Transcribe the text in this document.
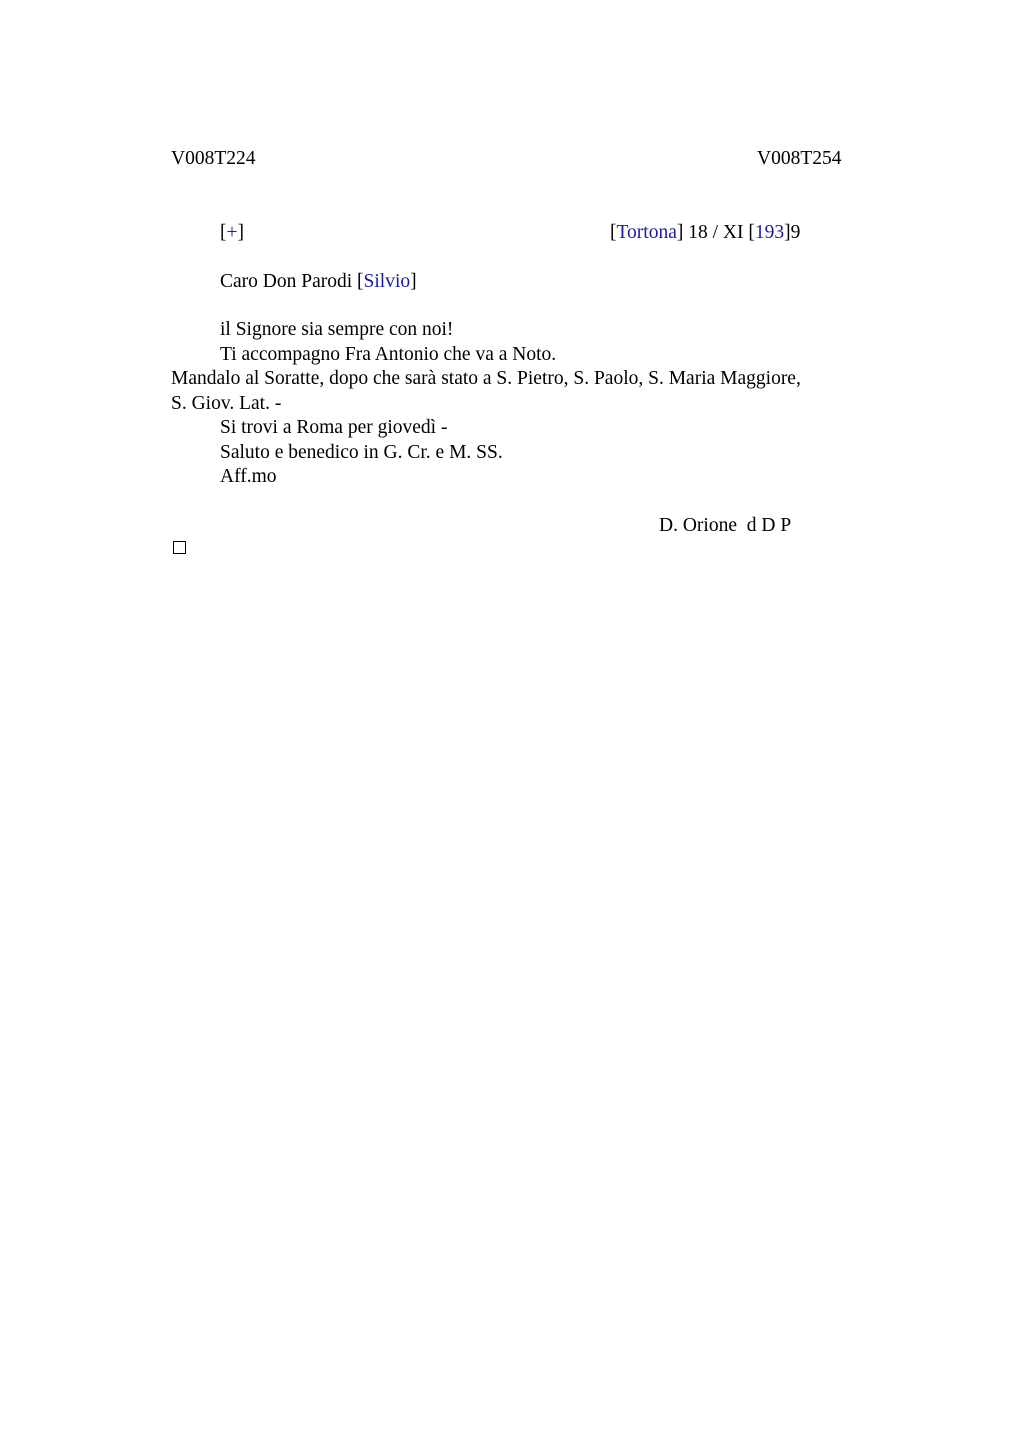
V008T224	V008T254
[+]	[Tortona] 18 / XI [193]9
Caro Don Parodi [Silvio]
il Signore sia sempre con noi!
Ti accompagno Fra Antonio che va a Noto.
Mandalo al Soratte, dopo che sarà stato a S. Pietro, S. Paolo, S. Maria Maggiore,
S. Giov. Lat. -
Si trovi a Roma per giovedì -
Saluto e benedico in G. Cr. e M. SS.
Aff.mo
D. Orione  d D P
